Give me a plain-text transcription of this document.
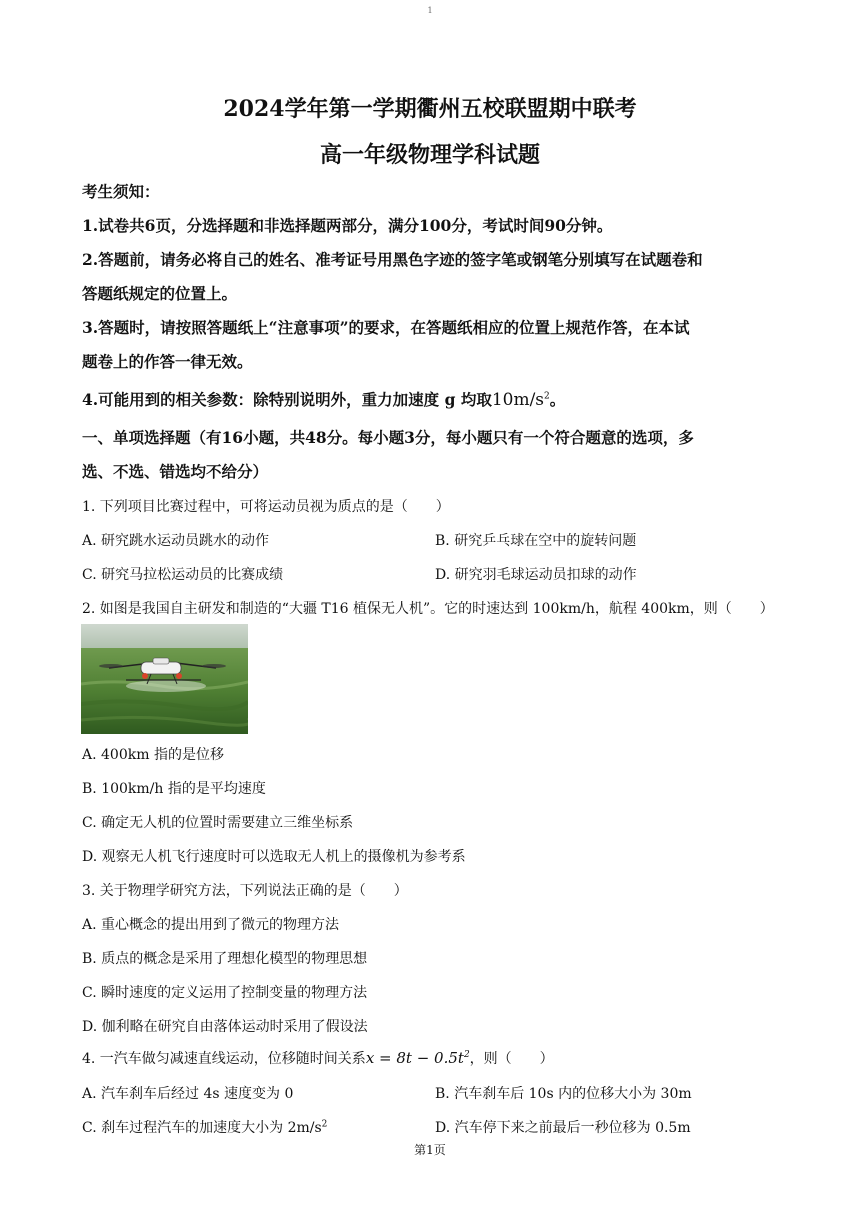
1
2024学年第一学期衢州五校联盟期中联考
高一年级物理学科试题
考生须知：
1.试卷共6页，分选择题和非选择题两部分，满分100分，考试时间90分钟。
2.答题前，请务必将自己的姓名、准考证号用黑色字迹的签字笔或钢笔分别填写在试题卷和
答题纸规定的位置上。
3.答题时，请按照答题纸上“注意事项”的要求，在答题纸相应的位置上规范作答，在本试
题卷上的作答一律无效。
4.可能用到的相关参数：除特别说明外，重力加速度 g 均取$10m/s^2$。
一、单项选择题（有16小题，共48分。每小题3分，每小题只有一个符合题意的选项，多
选、不选、错选均不给分）
1. 下列项目比赛过程中，可将运动员视为质点的是（　　）
A. 研究跳水运动员跳水的动作	B. 研究乒乓球在空中的旋转问题
C. 研究马拉松运动员的比赛成绩	D. 研究羽毛球运动员扣球的动作
2. 如图是我国自主研发和制造的“大疆 T16 植保无人机”。它的时速达到 100km/h，航程 400km，则（　　）
A. 400km 指的是位移
B. 100km/h 指的是平均速度
C. 确定无人机的位置时需要建立三维坐标系
D. 观察无人机飞行速度时可以选取无人机上的摄像机为参考系
3. 关于物理学研究方法，下列说法正确的是（　　）
A. 重心概念的提出用到了微元的物理方法
B. 质点的概念是采用了理想化模型的物理思想
C. 瞬时速度的定义运用了控制变量的物理方法
D. 伽利略在研究自由落体运动时采用了假设法
4. 一汽车做匀减速直线运动，位移随时间关系$x = 8t - 0.5t^2$，则（　　）
A. 汽车刹车后经过 4s 速度变为 0	B. 汽车刹车后 10s 内的位移大小为 30m
C. 刹车过程汽车的加速度大小为 $2m/s^2$	D. 汽车停下来之前最后一秒位移为 0.5m
第1页
